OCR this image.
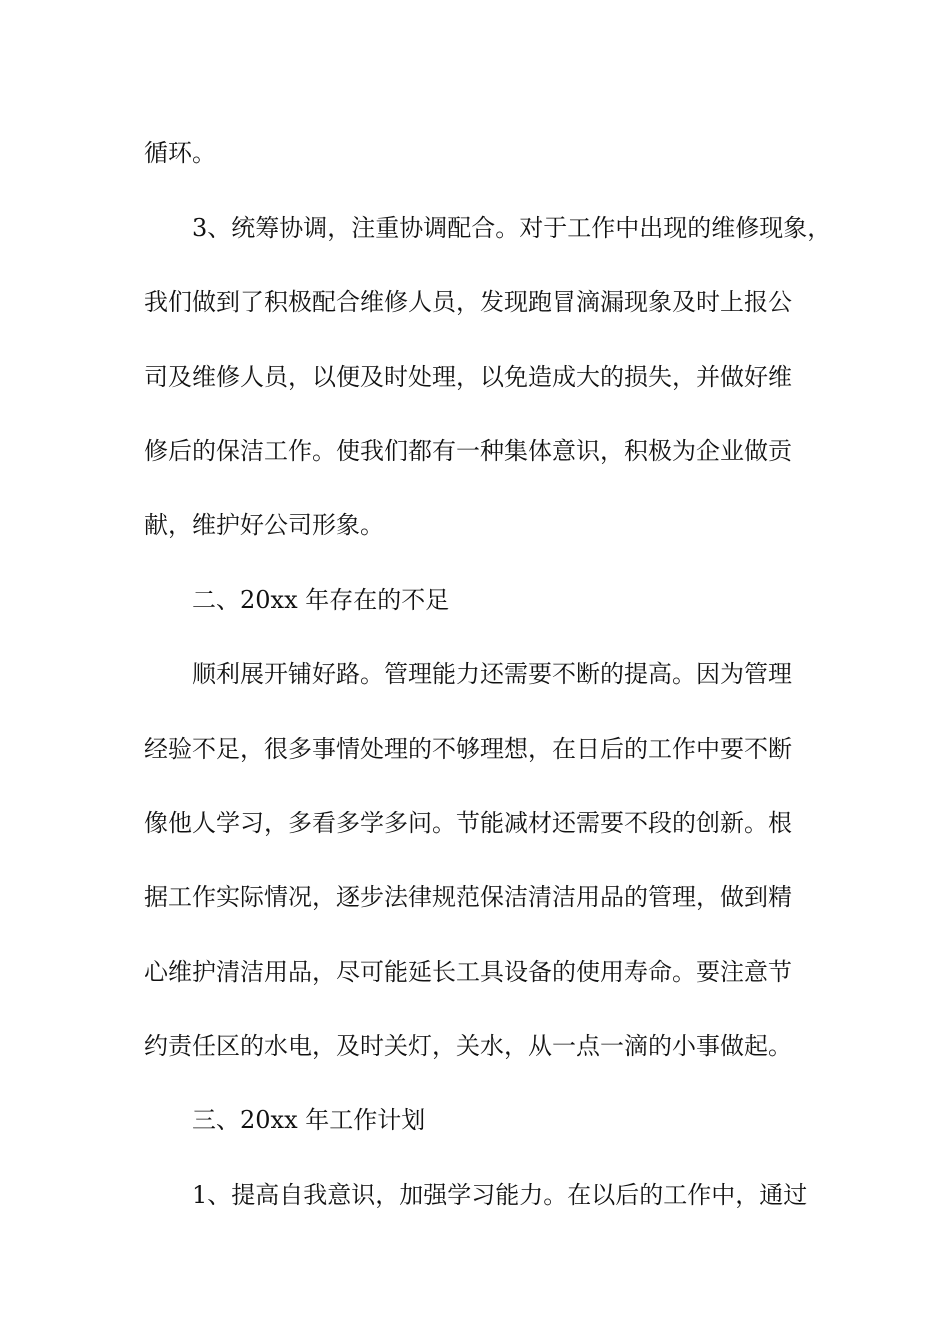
循环。
3、统筹协调，注重协调配合。对于工作中出现的维修现象，
我们做到了积极配合维修人员，发现跑冒滴漏现象及时上报公
司及维修人员，以便及时处理，以免造成大的损失，并做好维
修后的保洁工作。使我们都有一种集体意识，积极为企业做贡
献，维护好公司形象。
二、20xx 年存在的不足
顺利展开铺好路。管理能力还需要不断的提高。因为管理
经验不足，很多事情处理的不够理想，在日后的工作中要不断
像他人学习，多看多学多问。节能减材还需要不段的创新。根
据工作实际情况，逐步法律规范保洁清洁用品的管理，做到精
心维护清洁用品，尽可能延长工具设备的使用寿命。要注意节
约责任区的水电，及时关灯，关水，从一点一滴的小事做起。
三、20xx 年工作计划
1、提高自我意识，加强学习能力。在以后的工作中，通过
